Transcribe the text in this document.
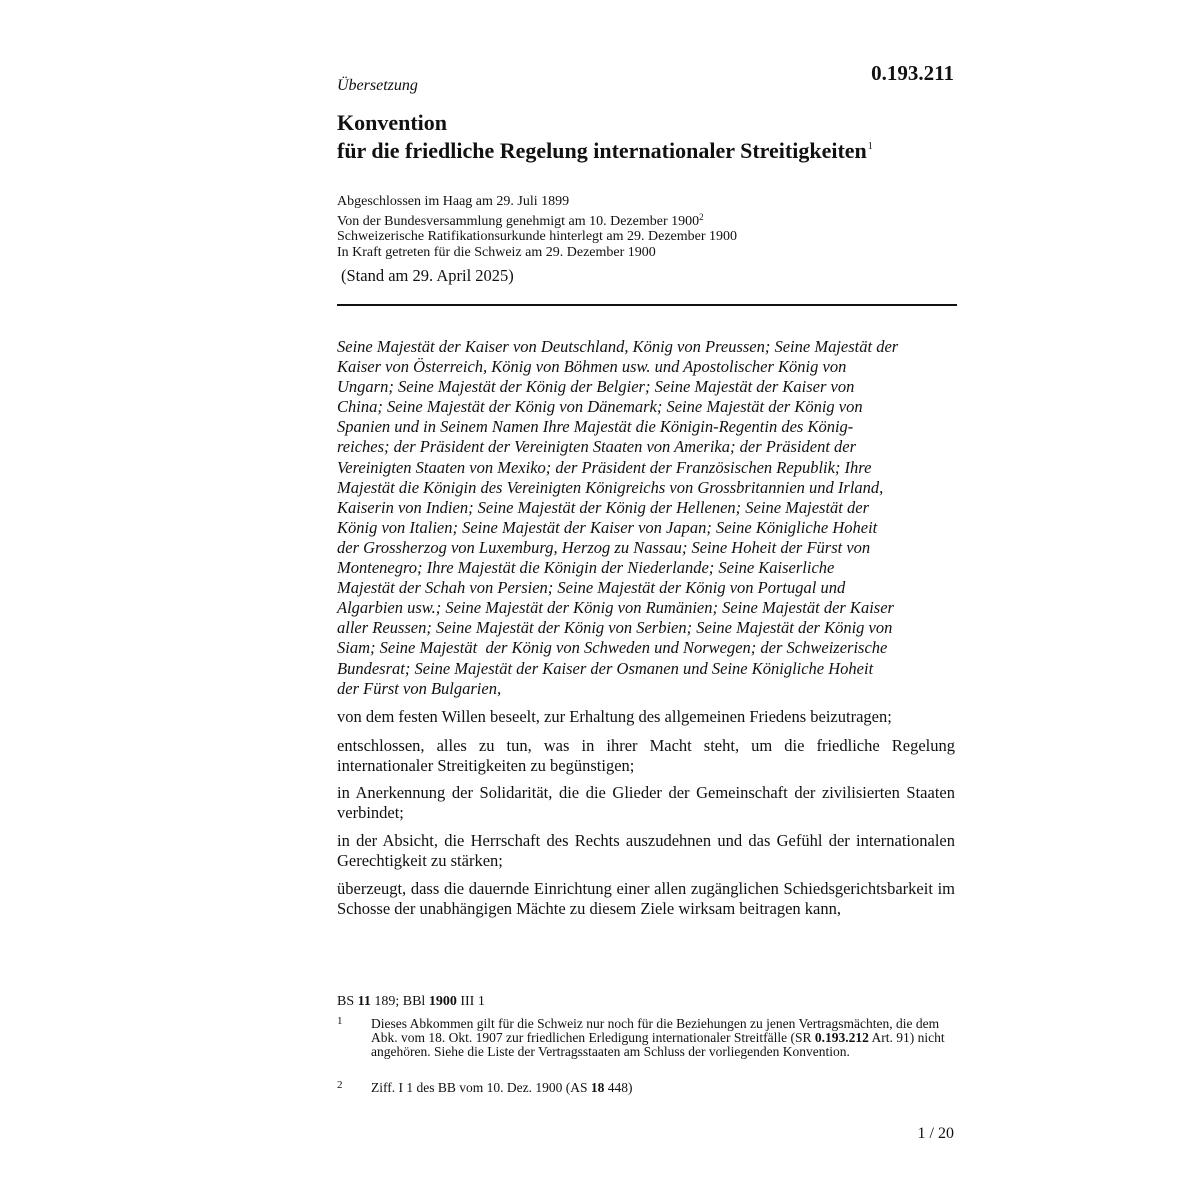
Übersetzung
0.193.211
Konvention
für die friedliche Regelung internationaler Streitigkeiten$^1$
Abgeschlossen im Haag am 29. Juli 1899
Von der Bundesversammlung genehmigt am 10. Dezember 1900$^2$
Schweizerische Ratifikationsurkunde hinterlegt am 29. Dezember 1900
In Kraft getreten für die Schweiz am 29. Dezember 1900
(Stand am 29. April 2025)
Seine Majestät der Kaiser von Deutschland, König von Preussen; Seine Majestät der
Kaiser von Österreich, König von Böhmen usw. und Apostolischer König von
Ungarn; Seine Majestät der König der Belgier; Seine Majestät der Kaiser von
China; Seine Majestät der König von Dänemark; Seine Majestät der König von
Spanien und in Seinem Namen Ihre Majestät die Königin-Regentin des König-
reiches; der Präsident der Vereinigten Staaten von Amerika; der Präsident der
Vereinigten Staaten von Mexiko; der Präsident der Französischen Republik; Ihre
Majestät die Königin des Vereinigten Königreichs von Grossbritannien und Irland,
Kaiserin von Indien; Seine Majestät der König der Hellenen; Seine Majestät der
König von Italien; Seine Majestät der Kaiser von Japan; Seine Königliche Hoheit
der Grossherzog von Luxemburg, Herzog zu Nassau; Seine Hoheit der Fürst von
Montenegro; Ihre Majestät die Königin der Niederlande; Seine Kaiserliche
Majestät der Schah von Persien; Seine Majestät der König von Portugal und
Algarbien usw.; Seine Majestät der König von Rumänien; Seine Majestät der Kaiser
aller Reussen; Seine Majestät der König von Serbien; Seine Majestät der König von
Siam; Seine Majestät  der König von Schweden und Norwegen; der Schweizerische
Bundesrat; Seine Majestät der Kaiser der Osmanen und Seine Königliche Hoheit
der Fürst von Bulgarien,
von dem festen Willen beseelt, zur Erhaltung des allgemeinen Friedens beizutragen;
entschlossen, alles zu tun, was in ihrer Macht steht, um die friedliche Regelung internationaler Streitigkeiten zu begünstigen;
in Anerkennung der Solidarität, die die Glieder der Gemeinschaft der zivilisierten Staaten verbindet;
in der Absicht, die Herrschaft des Rechts auszudehnen und das Gefühl der internationalen Gerechtigkeit zu stärken;
überzeugt, dass die dauernde Einrichtung einer allen zugänglichen Schiedsgerichtsbarkeit im Schosse der unabhängigen Mächte zu diesem Ziele wirksam beitragen kann,
BS 11 189; BBl 1900 III 1
1 Dieses Abkommen gilt für die Schweiz nur noch für die Beziehungen zu jenen Vertragsmächten, die dem Abk. vom 18. Okt. 1907 zur friedlichen Erledigung internationaler Streitfälle (SR 0.193.212 Art. 91) nicht angehören. Siehe die Liste der Vertragsstaaten am Schluss der vorliegenden Konvention.
2 Ziff. I 1 des BB vom 10. Dez. 1900 (AS 18 448)
1 / 20
